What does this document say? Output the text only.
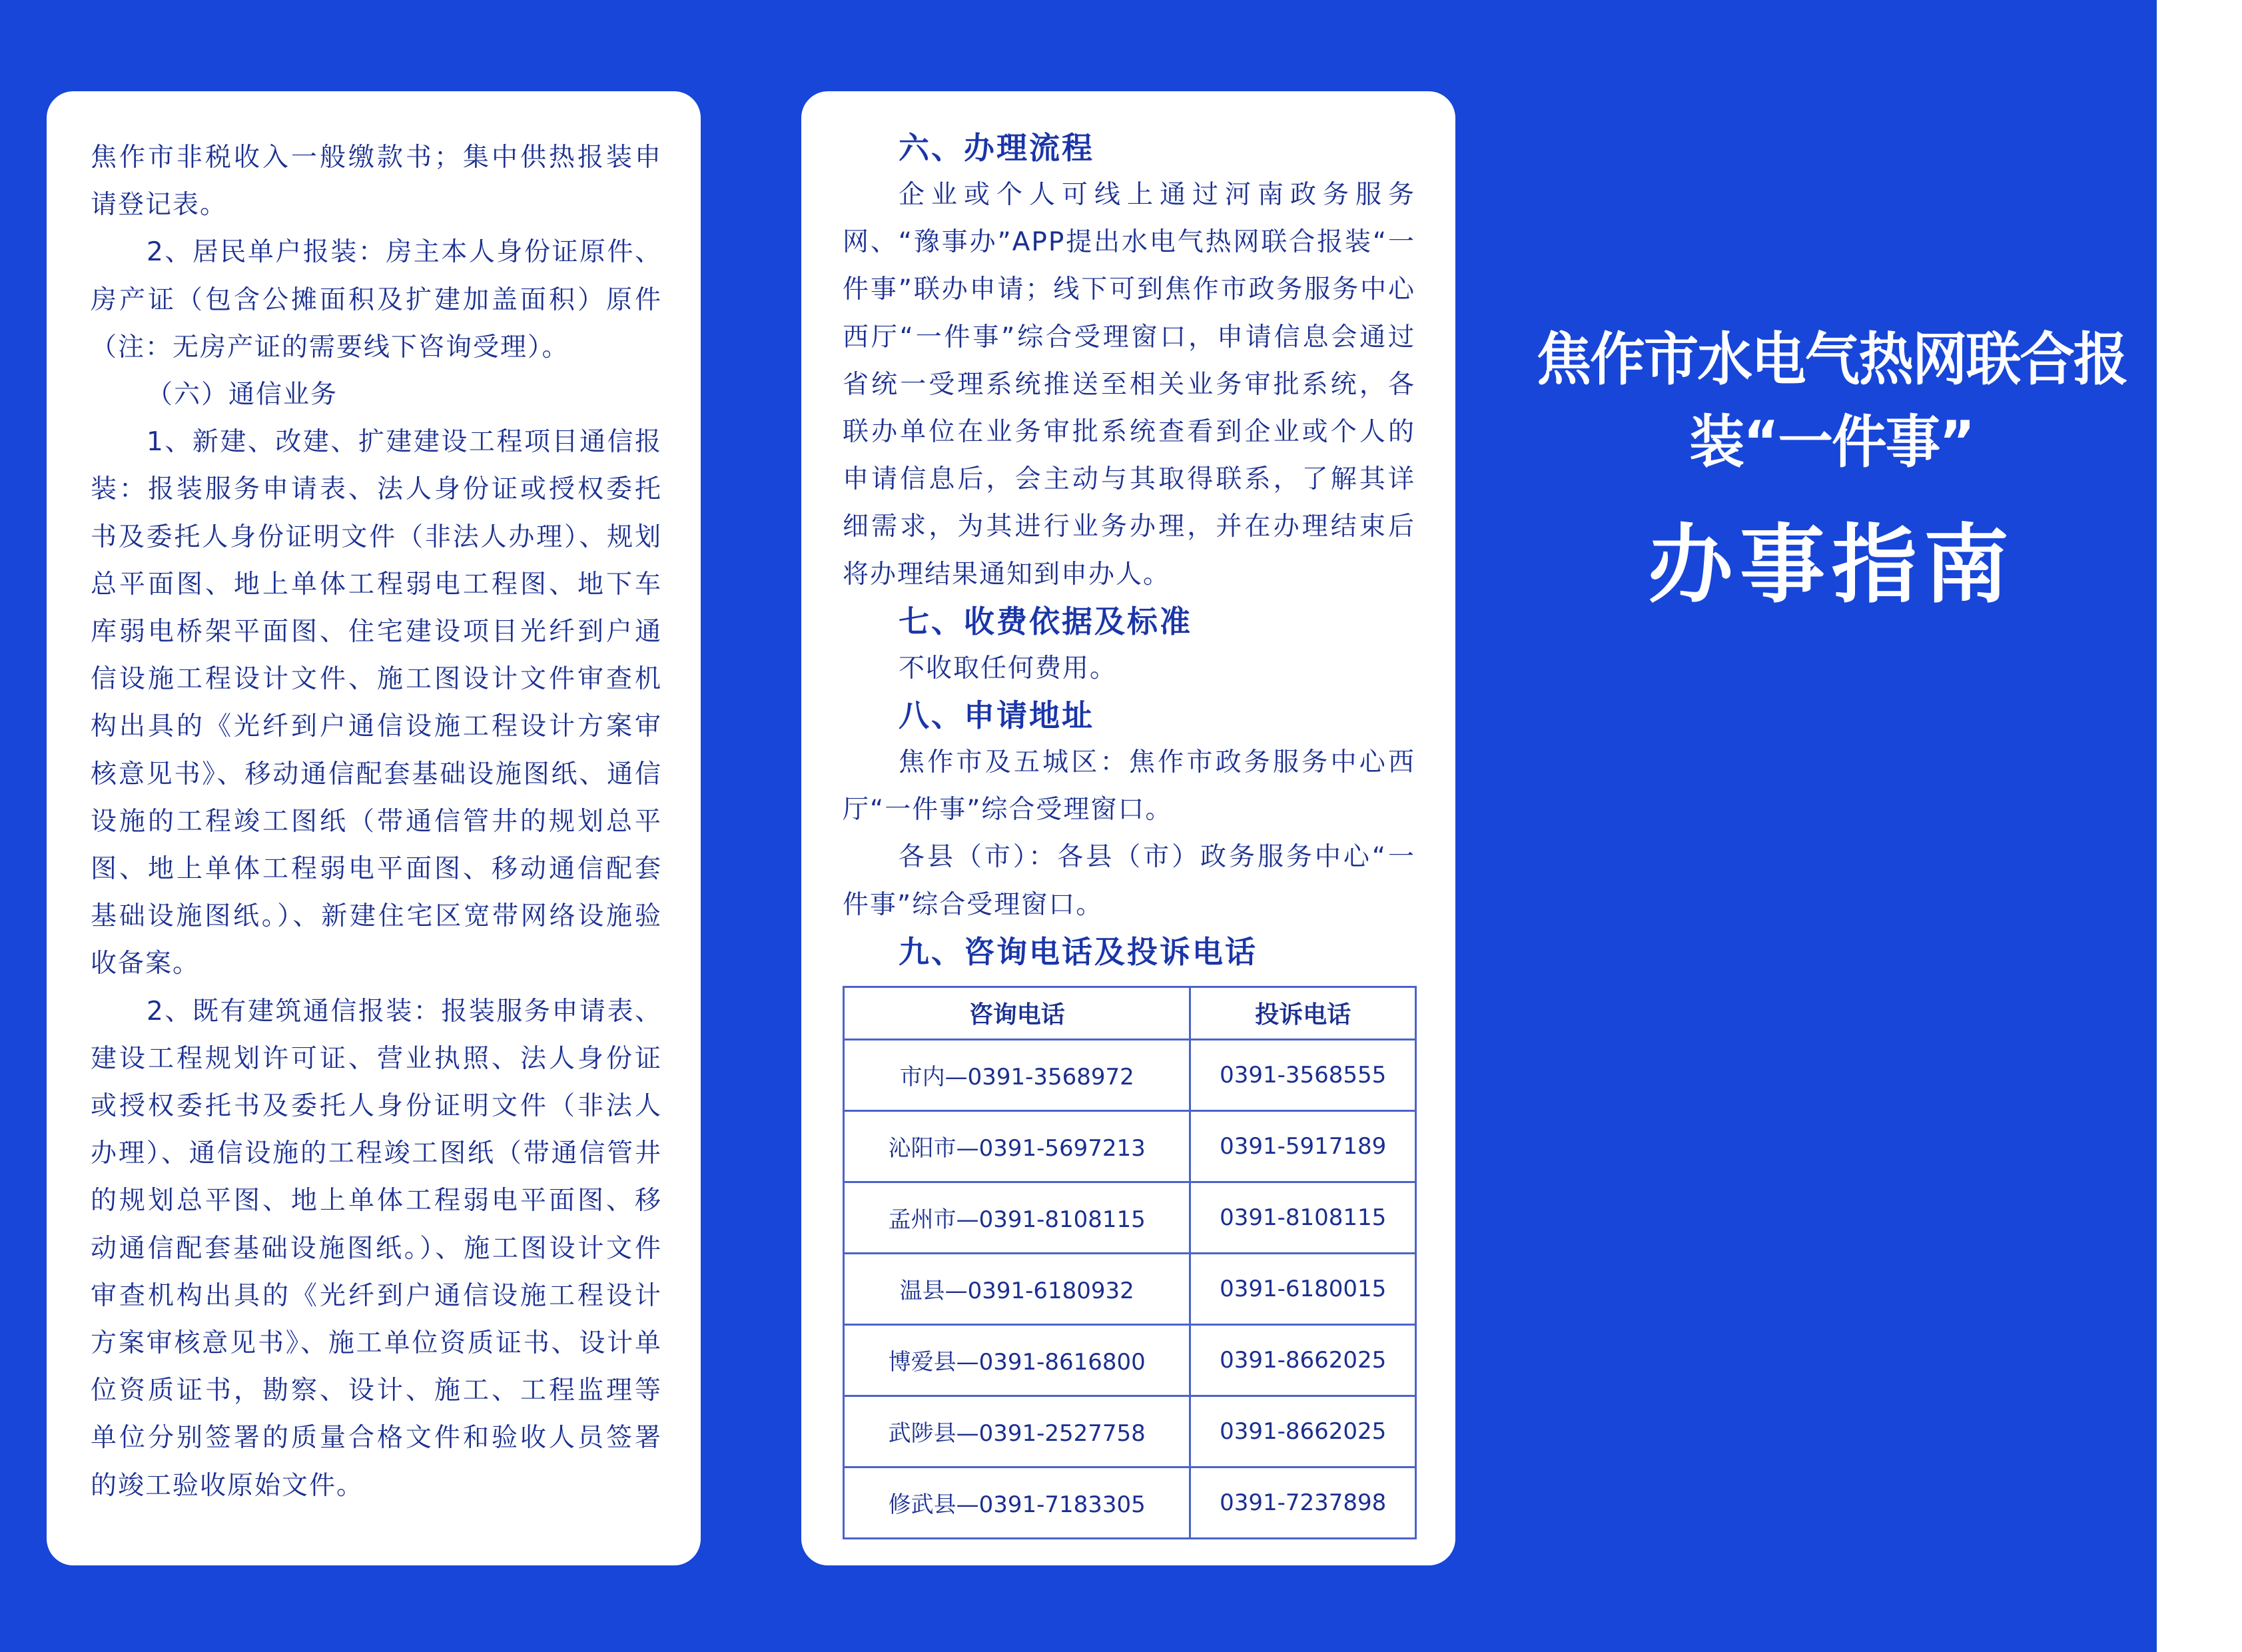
焦作市非税收入一般缴款书；集中供热报装申请登记表。

2、居民单户报装：房主本人身份证原件、房产证（包含公摊面积及扩建加盖面积）原件（注：无房产证的需要线下咨询受理）。

（六）通信业务

1、新建、改建、扩建建设工程项目通信报装：报装服务申请表、法人身份证或授权委托书及委托人身份证明文件（非法人办理）、规划总平面图、地上单体工程弱电工程图、地下车库弱电桥架平面图、住宅建设项目光纤到户通信设施工程设计文件、施工图设计文件审查机构出具的《光纤到户通信设施工程设计方案审核意见书》、移动通信配套基础设施图纸、通信设施的工程竣工图纸（带通信管井的规划总平图、地上单体工程弱电平面图、移动通信配套基础设施图纸。）、新建住宅区宽带网络设施验收备案。

2、既有建筑通信报装：报装服务申请表、建设工程规划许可证、营业执照、法人身份证或授权委托书及委托人身份证明文件（非法人办理）、通信设施的工程竣工图纸（带通信管井的规划总平图、地上单体工程弱电平面图、移动通信配套基础设施图纸。）、施工图设计文件审查机构出具的《光纤到户通信设施工程设计方案审核意见书》、施工单位资质证书、设计单位资质证书，勘察、设计、施工、工程监理等单位分别签署的质量合格文件和验收人员签署的竣工验收原始文件。

六、办理流程

企业或个人可线上通过河南政务服务网、“豫事办”APP提出水电气热网联合报装“一件事”联办申请；线下可到焦作市政务服务中心西厅“一件事”综合受理窗口，申请信息会通过省统一受理系统推送至相关业务审批系统，各联办单位在业务审批系统查看到企业或个人的申请信息后，会主动与其取得联系，了解其详细需求，为其进行业务办理，并在办理结束后将办理结果通知到申办人。

七、收费依据及标准

不收取任何费用。

八、申请地址

焦作市及五城区：焦作市政务服务中心西厅“一件事”综合受理窗口。

各县（市）：各县（市）政务服务中心“一件事”综合受理窗口。

九、咨询电话及投诉电话

咨询电话	投诉电话
市内—0391-3568972	0391-3568555
沁阳市—0391-5697213	0391-5917189
孟州市—0391-8108115	0391-8108115
温县—0391-6180932	0391-6180015
博爱县—0391-8616800	0391-8662025
武陟县—0391-2527758	0391-8662025
修武县—0391-7183305	0391-7237898
焦作市水电气热网联合报装“一件事”
办事指南
